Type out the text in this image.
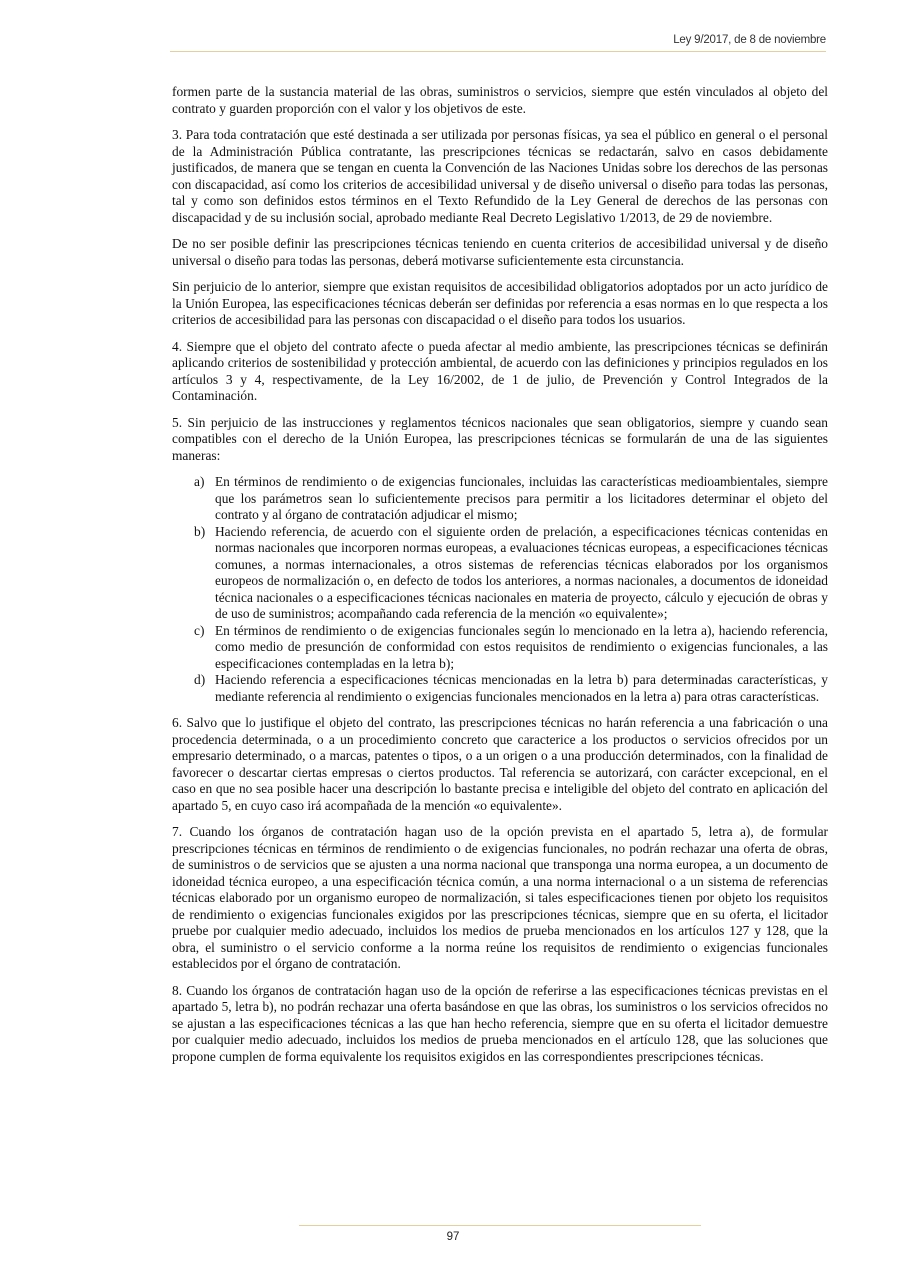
Ley 9/2017, de 8 de noviembre

formen parte de la sustancia material de las obras, suministros o servicios, siempre que estén vinculados al objeto del contrato y guarden proporción con el valor y los objetivos de este.

3. Para toda contratación que esté destinada a ser utilizada por personas físicas, ya sea el público en general o el personal de la Administración Pública contratante, las prescripciones técnicas se redactarán, salvo en casos debidamente justificados, de manera que se tengan en cuenta la Convención de las Naciones Unidas sobre los derechos de las personas con discapacidad, así como los criterios de accesibilidad universal y de diseño universal o diseño para todas las personas, tal y como son definidos estos términos en el Texto Refundido de la Ley General de derechos de las personas con discapacidad y de su inclusión social, aprobado mediante Real Decreto Legislativo 1/2013, de 29 de noviembre.

De no ser posible definir las prescripciones técnicas teniendo en cuenta criterios de accesibilidad universal y de diseño universal o diseño para todas las personas, deberá motivarse suficientemente esta circunstancia.

Sin perjuicio de lo anterior, siempre que existan requisitos de accesibilidad obligatorios adoptados por un acto jurídico de la Unión Europea, las especificaciones técnicas deberán ser definidas por referencia a esas normas en lo que respecta a los criterios de accesibilidad para las personas con discapacidad o el diseño para todos los usuarios.

4. Siempre que el objeto del contrato afecte o pueda afectar al medio ambiente, las prescripciones técnicas se definirán aplicando criterios de sostenibilidad y protección ambiental, de acuerdo con las definiciones y principios regulados en los artículos 3 y 4, respectivamente, de la Ley 16/2002, de 1 de julio, de Prevención y Control Integrados de la Contaminación.

5. Sin perjuicio de las instrucciones y reglamentos técnicos nacionales que sean obligatorios, siempre y cuando sean compatibles con el derecho de la Unión Europea, las prescripciones técnicas se formularán de una de las siguientes maneras:

a) En términos de rendimiento o de exigencias funcionales, incluidas las características medioambientales, siempre que los parámetros sean lo suficientemente precisos para permitir a los licitadores determinar el objeto del contrato y al órgano de contratación adjudicar el mismo;
b) Haciendo referencia, de acuerdo con el siguiente orden de prelación, a especificaciones técnicas contenidas en normas nacionales que incorporen normas europeas, a evaluaciones técnicas europeas, a especificaciones técnicas comunes, a normas internacionales, a otros sistemas de referencias técnicas elaborados por los organismos europeos de normalización o, en defecto de todos los anteriores, a normas nacionales, a documentos de idoneidad técnica nacionales o a especificaciones técnicas nacionales en materia de proyecto, cálculo y ejecución de obras y de uso de suministros; acompañando cada referencia de la mención «o equivalente»;
c) En términos de rendimiento o de exigencias funcionales según lo mencionado en la letra a), haciendo referencia, como medio de presunción de conformidad con estos requisitos de rendimiento o exigencias funcionales, a las especificaciones contempladas en la letra b);
d) Haciendo referencia a especificaciones técnicas mencionadas en la letra b) para determinadas características, y mediante referencia al rendimiento o exigencias funcionales mencionados en la letra a) para otras características.

6. Salvo que lo justifique el objeto del contrato, las prescripciones técnicas no harán referencia a una fabricación o una procedencia determinada, o a un procedimiento concreto que caracterice a los productos o servicios ofrecidos por un empresario determinado, o a marcas, patentes o tipos, o a un origen o a una producción determinados, con la finalidad de favorecer o descartar ciertas empresas o ciertos productos. Tal referencia se autorizará, con carácter excepcional, en el caso en que no sea posible hacer una descripción lo bastante precisa e inteligible del objeto del contrato en aplicación del apartado 5, en cuyo caso irá acompañada de la mención «o equivalente».

7. Cuando los órganos de contratación hagan uso de la opción prevista en el apartado 5, letra a), de formular prescripciones técnicas en términos de rendimiento o de exigencias funcionales, no podrán rechazar una oferta de obras, de suministros o de servicios que se ajusten a una norma nacional que transponga una norma europea, a un documento de idoneidad técnica europeo, a una especificación técnica común, a una norma internacional o a un sistema de referencias técnicas elaborado por un organismo europeo de normalización, si tales especificaciones tienen por objeto los requisitos de rendimiento o exigencias funcionales exigidos por las prescripciones técnicas, siempre que en su oferta, el licitador pruebe por cualquier medio adecuado, incluidos los medios de prueba mencionados en los artículos 127 y 128, que la obra, el suministro o el servicio conforme a la norma reúne los requisitos de rendimiento o exigencias funcionales establecidos por el órgano de contratación.

8. Cuando los órganos de contratación hagan uso de la opción de referirse a las especificaciones técnicas previstas en el apartado 5, letra b), no podrán rechazar una oferta basándose en que las obras, los suministros o los servicios ofrecidos no se ajustan a las especificaciones técnicas a las que han hecho referencia, siempre que en su oferta el licitador demuestre por cualquier medio adecuado, incluidos los medios de prueba mencionados en el artículo 128, que las soluciones que propone cumplen de forma equivalente los requisitos exigidos en las correspondientes prescripciones técnicas.

97
